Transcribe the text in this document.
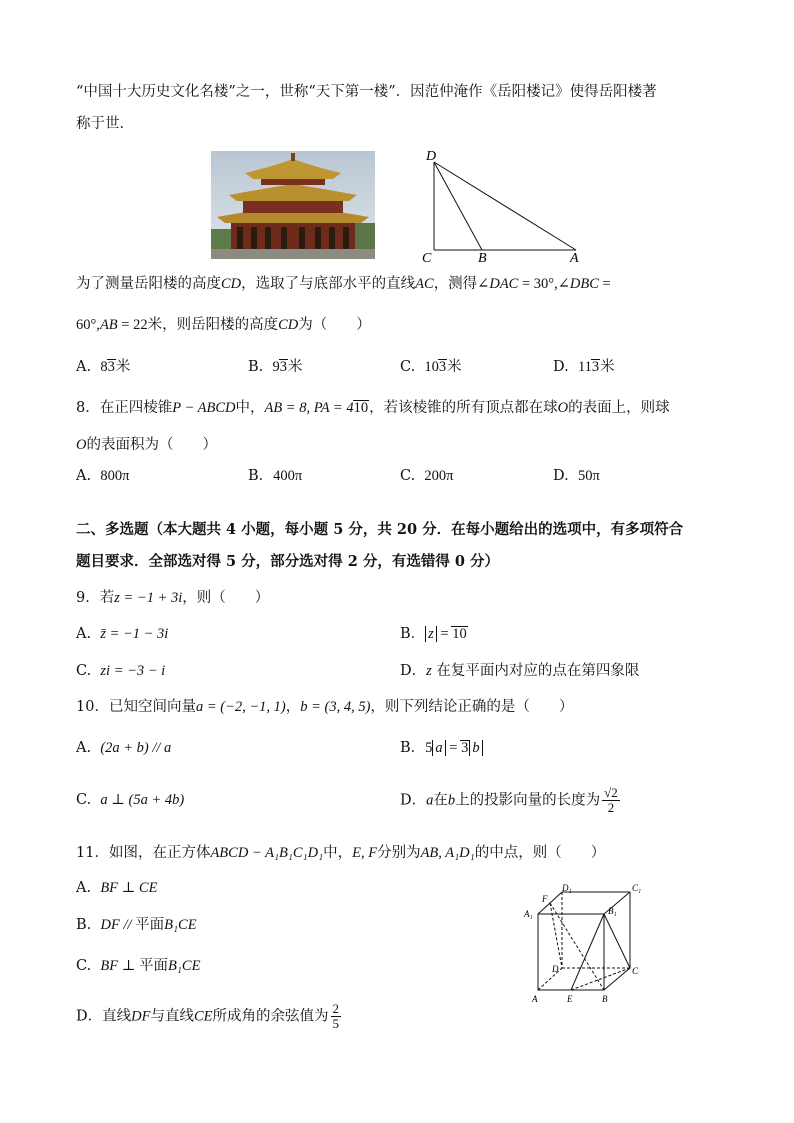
“中国十大历史文化名楼”之一，世称“天下第一楼”．因范仲淹作《岳阳楼记》使得岳阳楼著
称于世．
D
C	B	A
为了测量岳阳楼的高度CD，选取了与底部水平的直线AC，测得∠DAC = 30°,∠DBC =
60°,AB = 22米，则岳阳楼的高度CD为（　　）
A. 83米	B. 93米	C. 103米	D. 113米
8．在正四棱锥P − ABCD中，AB = 8, PA = 410，若该棱锥的所有顶点都在球O的表面上，则球
O的表面积为（　　）
A. 800π	B．400π	C. 200π	D. 50π
二、多选题（本大题共 4 小题，每小题 5 分，共 20 分．在每小题给出的选项中，有多项符合
题目要求．全部选对得 5 分，部分选对得 2 分，有选错得 0 分）
9．若z = −1 + 3i，则（　　）
A. z̄ = −1 − 3i	B． z = 10
C. zi = −3 − i	D．z 在复平面内对应的点在第四象限
10．已知空间向量a = (−2, −1, 1)，b = (3, 4, 5)，则下列结论正确的是（　　）
A. (2a + b) // a	B．5 a = 3 b
C. a ⊥ (5a + 4b)	D．a在b上的投影向量的长度为 $\frac{√2}{2}$
11．如图，在正方体ABCD − A₁B₁C₁D₁中，E, F分别为AB, A₁D₁的中点，则（　　）
A. BF ⊥ CE
B. DF // 平面B₁CE
C. BF ⊥ 平面B₁CE
D．直线DF与直线CE所成角的余弦值为 $\frac{2}{5}$
D₁	C₁
F
A₁	B₁
D	C
A	E	B
